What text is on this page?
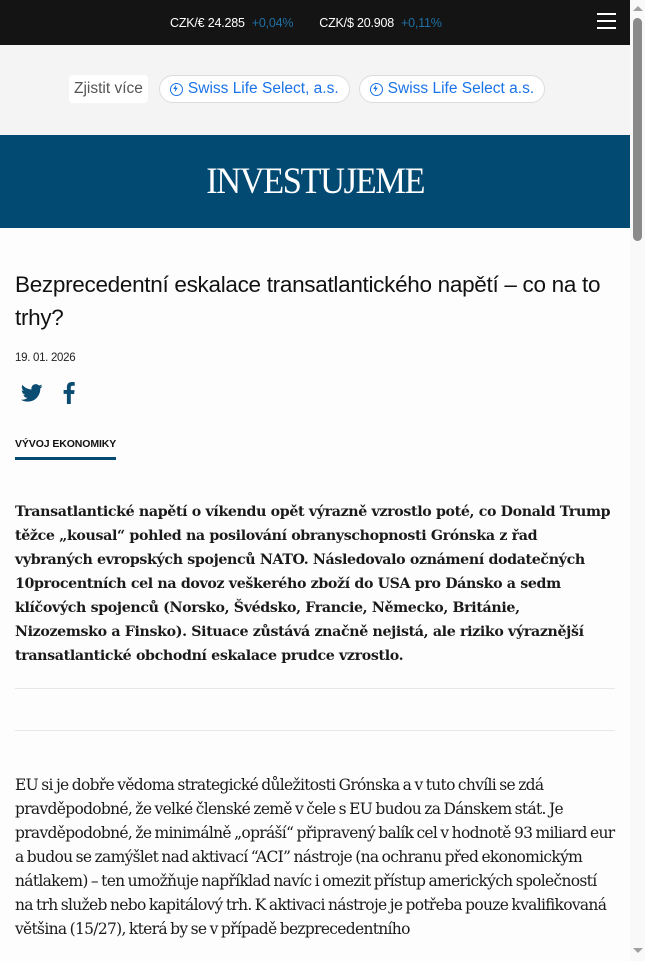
CZK/€ 24.285 +0,04% CZK/$ 20.908 +0,11%
Zjistit více	Swiss Life Select, a.s.	Swiss Life Select a.s.
INVESTUJEME
Bezprecedentní eskalace transatlantického napětí – co na to trhy?
19. 01. 2026
VÝVOJ EKONOMIKY

Transatlantické napětí o víkendu opět výrazně vzrostlo poté, co Donald Trump těžce „kousal“ pohled na posilování obranyschopnosti Grónska z řad vybraných evropských spojenců NATO. Následovalo oznámení dodatečných 10procentních cel na dovoz veškerého zboží do USA pro Dánsko a sedm klíčových spojenců (Norsko, Švédsko, Francie, Německo, Británie, Nizozemsko a Finsko). Situace zůstává značně nejistá, ale riziko výraznější transatlantické obchodní eskalace prudce vzrostlo.

EU si je dobře vědoma strategické důležitosti Grónska a v tuto chvíli se zdá pravděpodobné, že velké členské země v čele s EU budou za Dánskem stát. Je pravděpodobné, že minimálně „opráší“ připravený balík cel v hodnotě 93 miliard eur a budou se zamýšlet nad aktivací “ACI” nástroje (na ochranu před ekonomickým nátlakem) – ten umožňuje například navíc i omezit přístup amerických společností na trh služeb nebo kapitálový trh. K aktivaci nástroje je potřeba pouze kvalifikovaná většina (15/27), která by se v případě bezprecedentního
